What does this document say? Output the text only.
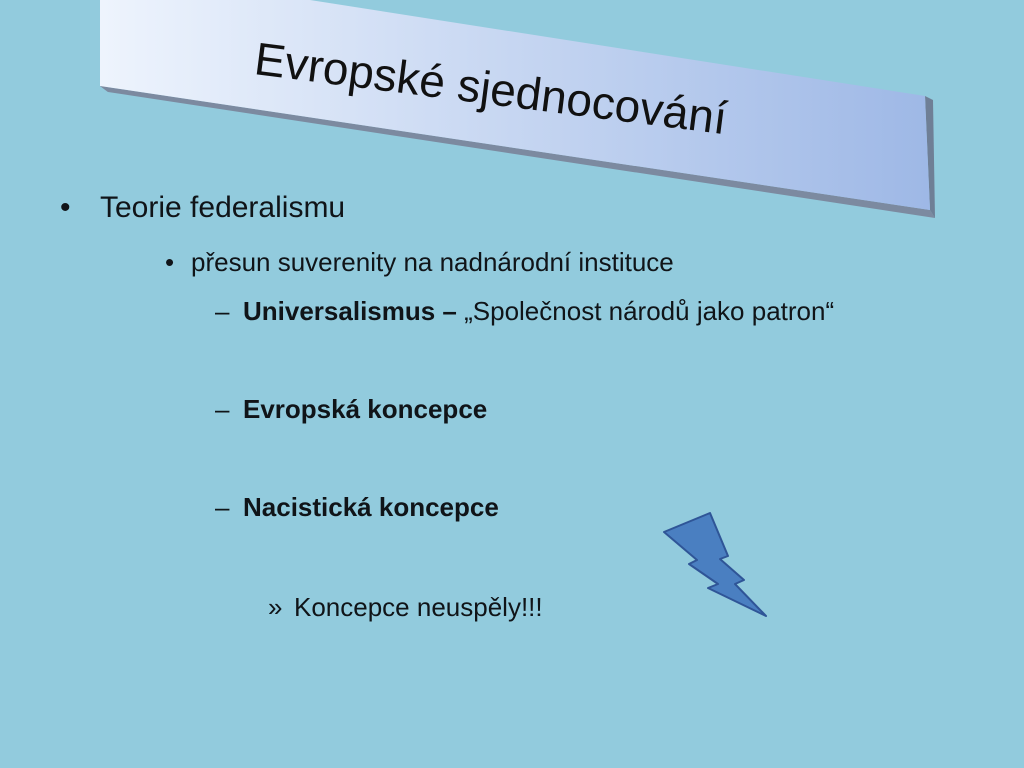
Evropské sjednocování
• Teorie federalismu
• přesun suverenity na nadnárodní instituce
– Universalismus – „Společnost národů jako patron“
– Evropská koncepce
– Nacistická koncepce
» Koncepce neuspěly!!!
